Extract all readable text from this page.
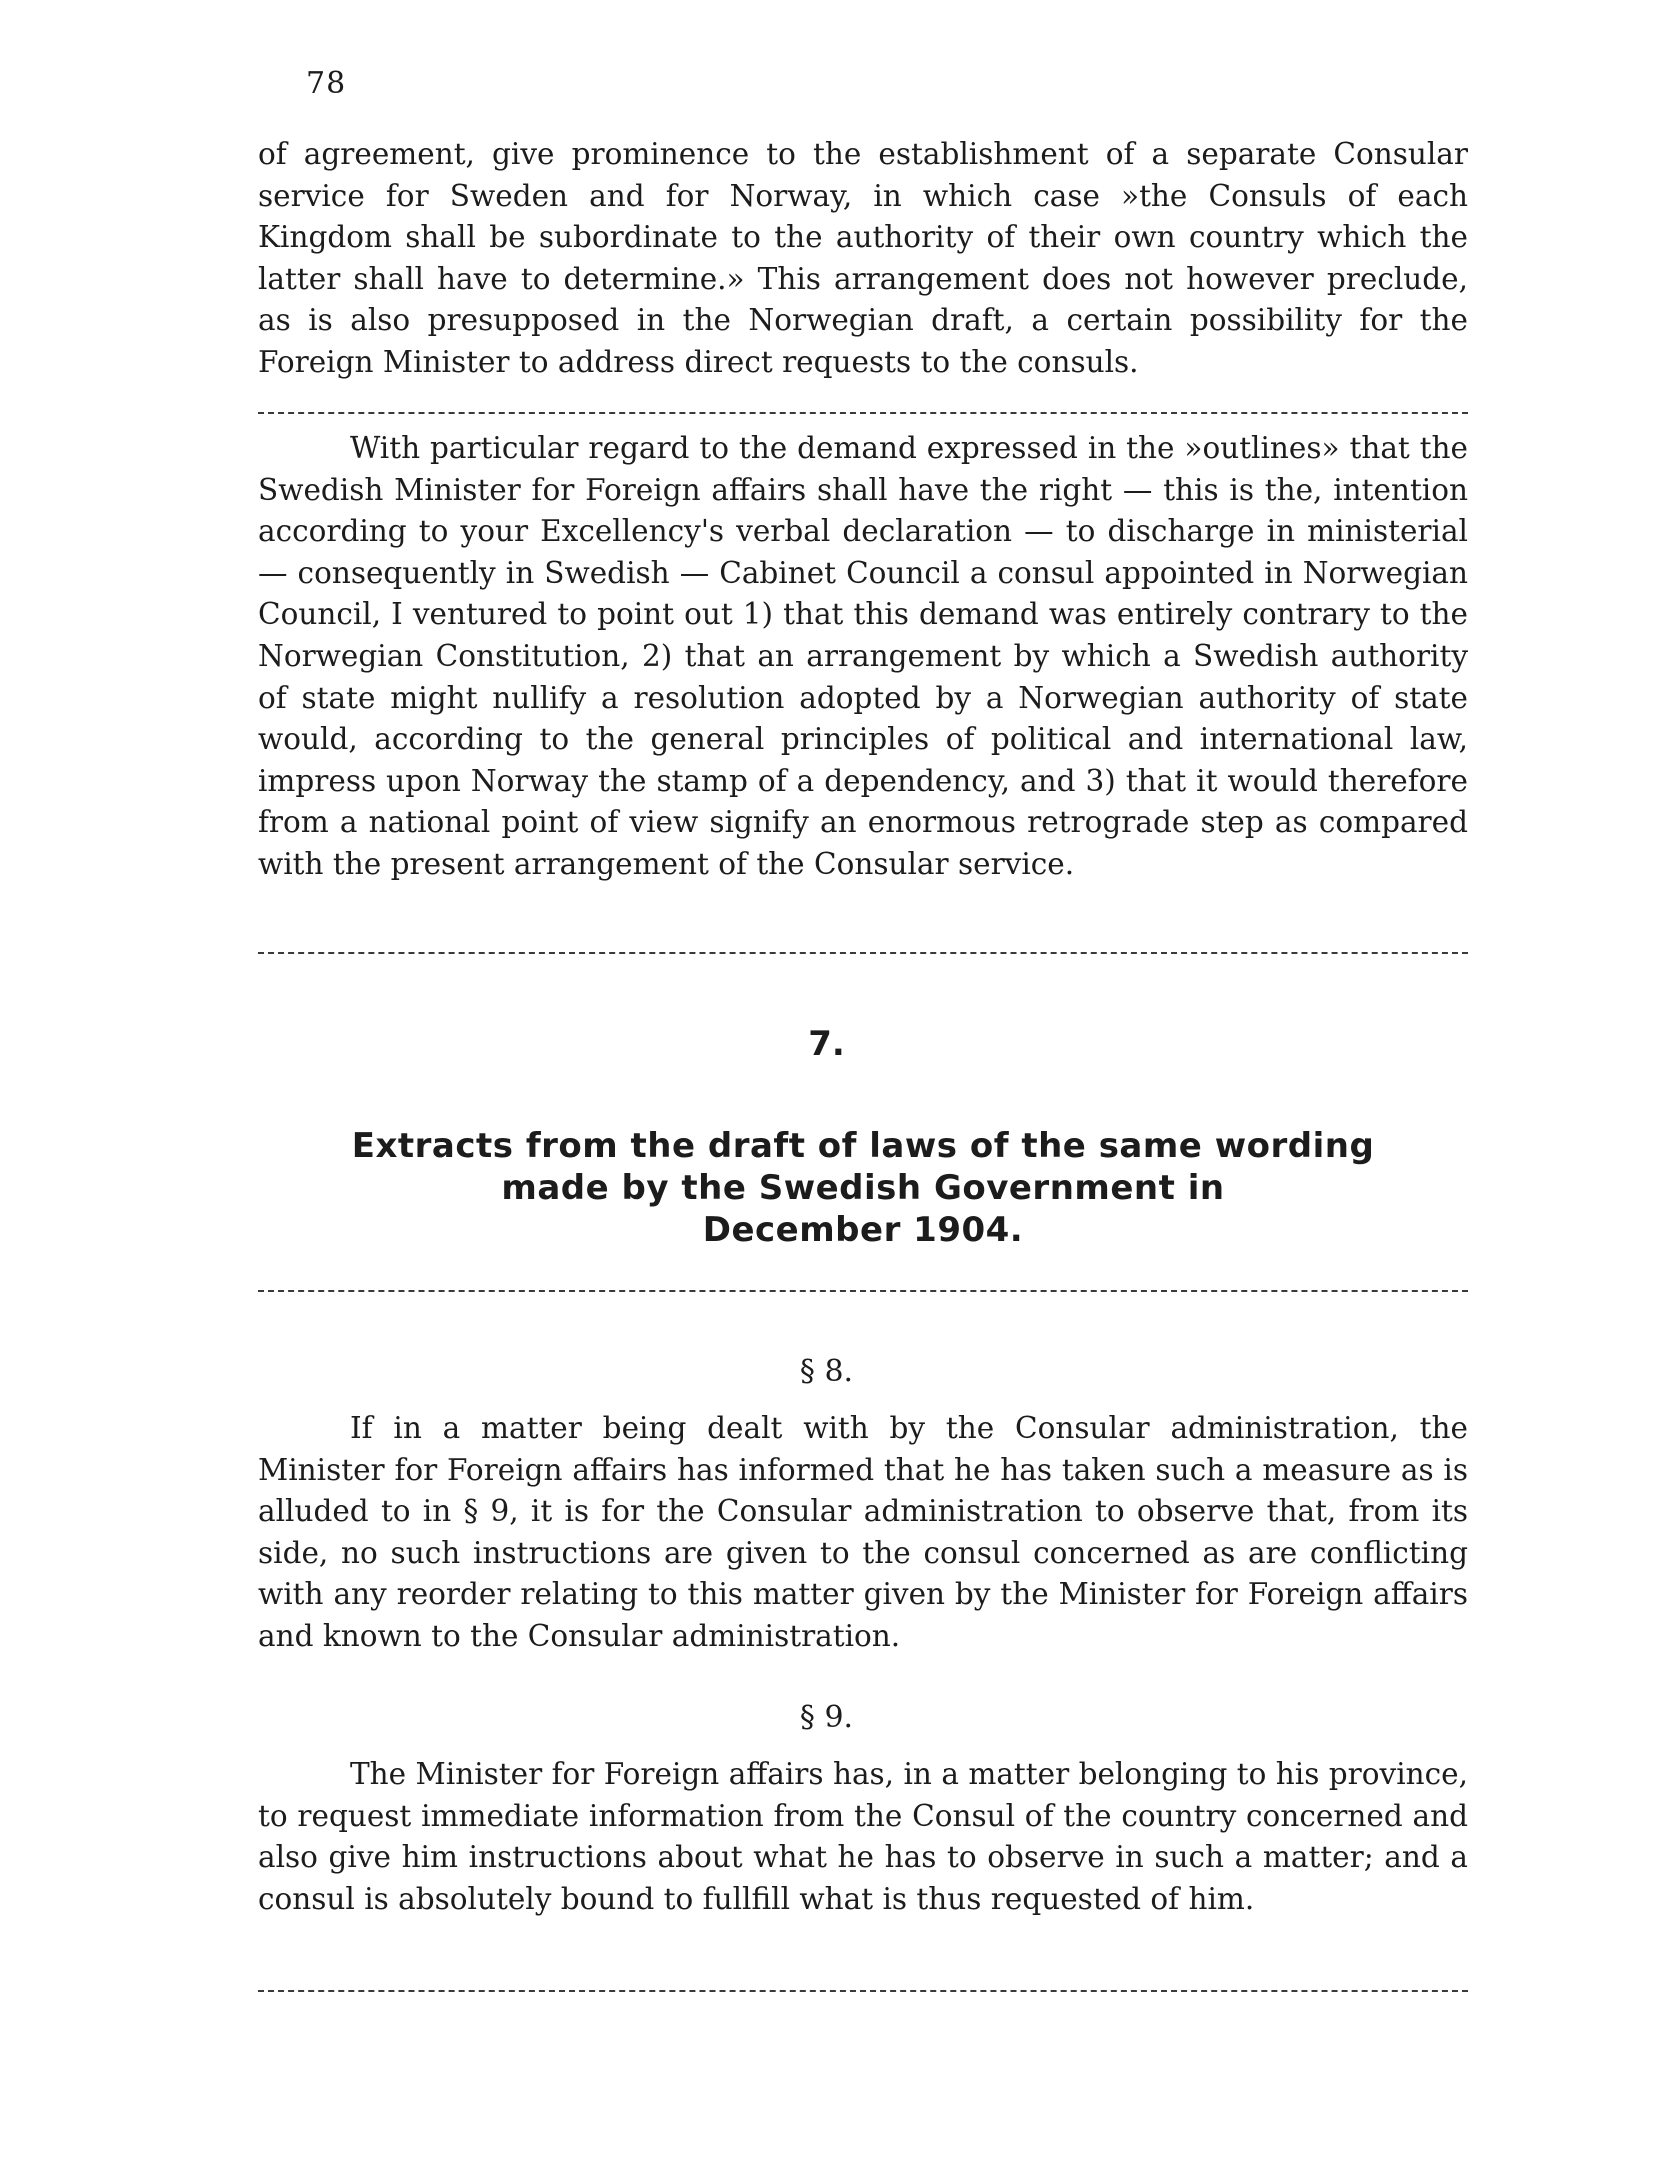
78

of agreement, give prominence to the establishment of a separate Consular service for Sweden and for Norway, in which case »the Consuls of each Kingdom shall be subordinate to the authority of their own country which the latter shall have to determine.» This arrangement does not however preclude, as is also presupposed in the Norwegian draft, a certain possibility for the Foreign Minister to address direct requests to the consuls.

With particular regard to the demand expressed in the »outlines» that the Swedish Minister for Foreign affairs shall have the right — this is the, intention according to your Excellency's verbal declaration — to discharge in ministerial — consequently in Swedish — Cabinet Council a consul appointed in Norwegian Council, I ventured to point out 1) that this demand was entirely contrary to the Norwegian Constitution, 2) that an arrangement by which a Swedish authority of state might nullify a resolution adopted by a Norwegian authority of state would, according to the general principles of political and international law, impress upon Norway the stamp of a dependency, and 3) that it would therefore from a national point of view signify an enormous retrograde step as compared with the present arrangement of the Consular service.

7.
Extracts from the draft of laws of the same wording
made by the Swedish Government in
December 1904.
§ 8.

If in a matter being dealt with by the Consular administration, the Minister for Foreign affairs has informed that he has taken such a measure as is alluded to in § 9, it is for the Consular administration to observe that, from its side, no such instructions are given to the consul concerned as are conflicting with any reorder relating to this matter given by the Minister for Foreign affairs and known to the Consular administration.

§ 9.

The Minister for Foreign affairs has, in a matter belonging to his province, to request immediate information from the Consul of the country concerned and also give him instructions about what he has to observe in such a matter; and a consul is absolutely bound to fullfill what is thus requested of him.
